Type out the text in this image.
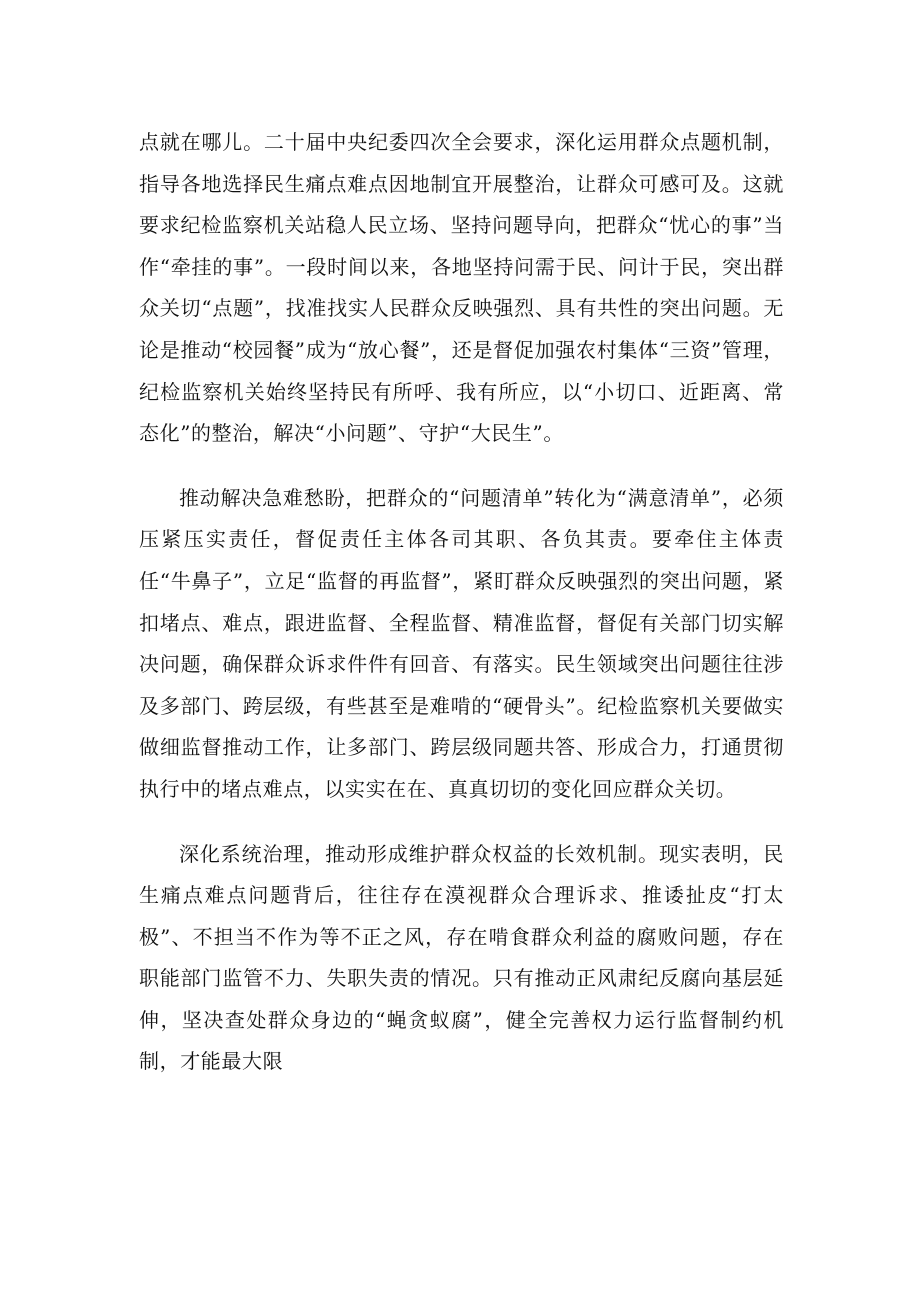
点就在哪儿。二十届中央纪委四次全会要求，深化运用群众点题机制，指导各地选择民生痛点难点因地制宜开展整治，让群众可感可及。这就要求纪检监察机关站稳人民立场、坚持问题导向，把群众“忧心的事”当作“牵挂的事”。一段时间以来，各地坚持问需于民、问计于民，突出群众关切“点题”，找准找实人民群众反映强烈、具有共性的突出问题。无论是推动“校园餐”成为“放心餐”，还是督促加强农村集体“三资”管理，纪检监察机关始终坚持民有所呼、我有所应，以“小切口、近距离、常态化”的整治，解决“小问题”、守护“大民生”。

推动解决急难愁盼，把群众的“问题清单”转化为“满意清单”，必须压紧压实责任，督促责任主体各司其职、各负其责。要牵住主体责任“牛鼻子”，立足“监督的再监督”，紧盯群众反映强烈的突出问题，紧扣堵点、难点，跟进监督、全程监督、精准监督，督促有关部门切实解决问题，确保群众诉求件件有回音、有落实。民生领域突出问题往往涉及多部门、跨层级，有些甚至是难啃的“硬骨头”。纪检监察机关要做实做细监督推动工作，让多部门、跨层级同题共答、形成合力，打通贯彻执行中的堵点难点，以实实在在、真真切切的变化回应群众关切。

深化系统治理，推动形成维护群众权益的长效机制。现实表明，民生痛点难点问题背后，往往存在漠视群众合理诉求、推诿扯皮“打太极”、不担当不作为等不正之风，存在啃食群众利益的腐败问题，存在职能部门监管不力、失职失责的情况。只有推动正风肃纪反腐向基层延伸，坚决查处群众身边的“蝇贪蚁腐”，健全完善权力运行监督制约机制，才能最大限
